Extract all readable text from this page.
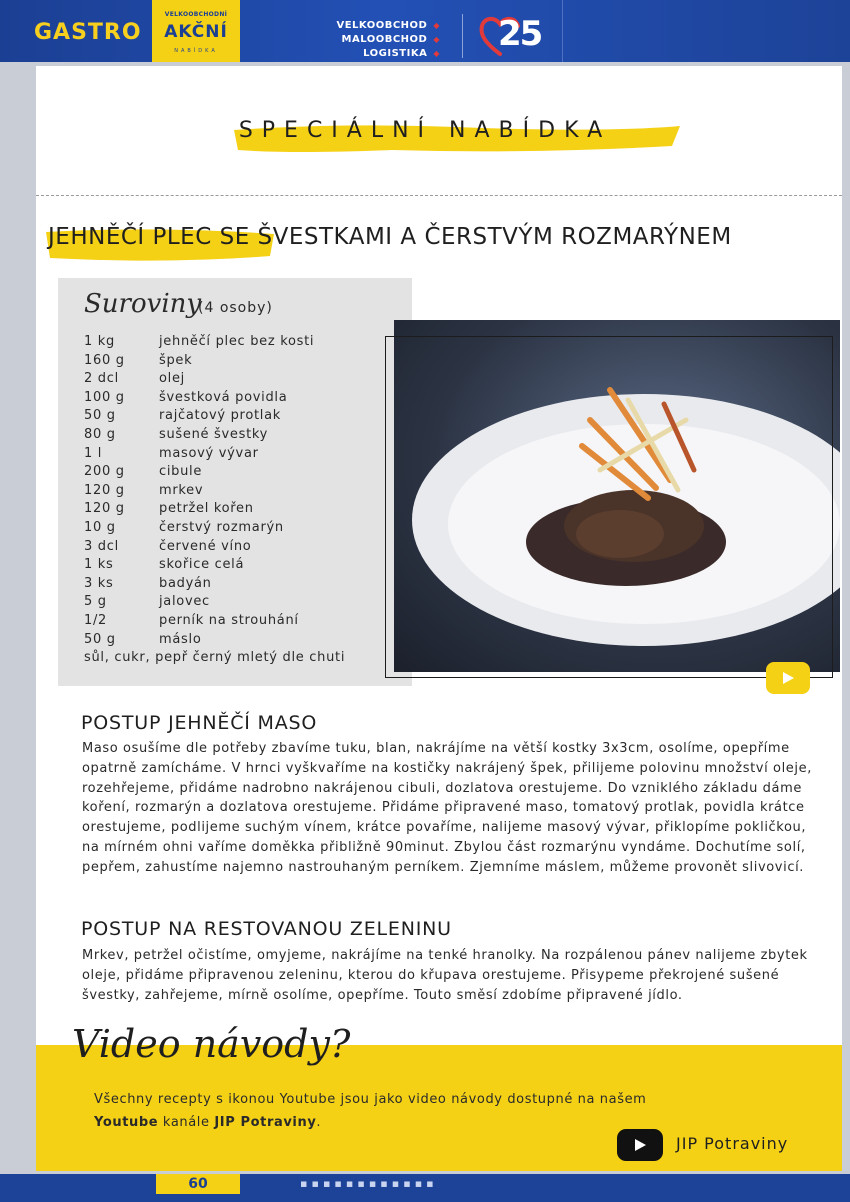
GASTRO
VELKOOBCHODNÍ
AKČNÍ
NABÍDKA
VELKOOBCHOD ◆
MALOOBCHOD ◆
LOGISTIKA ◆ 25
SPECIÁLNÍ NABÍDKA
JEHNĚČÍ PLEC SE ŠVESTKAMI A ČERSTVÝM ROZMARÝNEM
Suroviny
(4 osoby)
1 kg	jehněčí plec bez kosti
160 g	špek
2 dcl	olej
100 g	švestková povidla
50 g	rajčatový protlak
80 g	sušené švestky
1 l	masový vývar
200 g	cibule
120 g	mrkev
120 g	petržel kořen
10 g	čerstvý rozmarýn
3 dcl	červené víno
1 ks	skořice celá
3 ks	badyán
5 g	jalovec
1/2	perník na strouhání
50 g	máslo
sůl, cukr, pepř černý mletý dle chuti
POSTUP JEHNĚČÍ MASO
Maso osušíme dle potřeby zbavíme tuku, blan, nakrájíme na větší kostky 3x3cm, osolíme, opepříme opatrně zamícháme. V hrnci vyškvaříme na kostičky nakrájený špek, přilijeme polovinu množství oleje, rozehřejeme, přidáme nadrobno nakrájenou cibuli, dozlatova orestujeme. Do vzniklého základu dáme koření, rozmarýn a dozlatova orestujeme. Přidáme připravené maso, tomatový protlak, povidla krátce orestujeme, podlijeme suchým vínem, krátce povaříme, nalijeme masový vývar, přiklopíme pokličkou, na mírném ohni vaříme doměkka přibližně 90minut. Zbylou část rozmarýnu vyndáme. Dochutíme solí, pepřem, zahustíme najemno nastrouhaným perníkem. Zjemníme máslem, můžeme provonět slivovicí.
POSTUP NA RESTOVANOU ZELENINU
Mrkev, petržel očistíme, omyjeme, nakrájíme na tenké hranolky. Na rozpálenou pánev nalijeme zbytek oleje, přidáme připravenou zeleninu, kterou do křupava orestujeme. Přisypeme překrojené sušené švestky, zahřejeme, mírně osolíme, opepříme. Touto směsí zdobíme připravené jídlo.
Video návody?
Všechny recepty s ikonou Youtube jsou jako video návody dostupné na našem
Youtube kanále JIP Potraviny.
JIP Potraviny
60	▪▪▪▪▪▪▪▪▪▪▪▪
